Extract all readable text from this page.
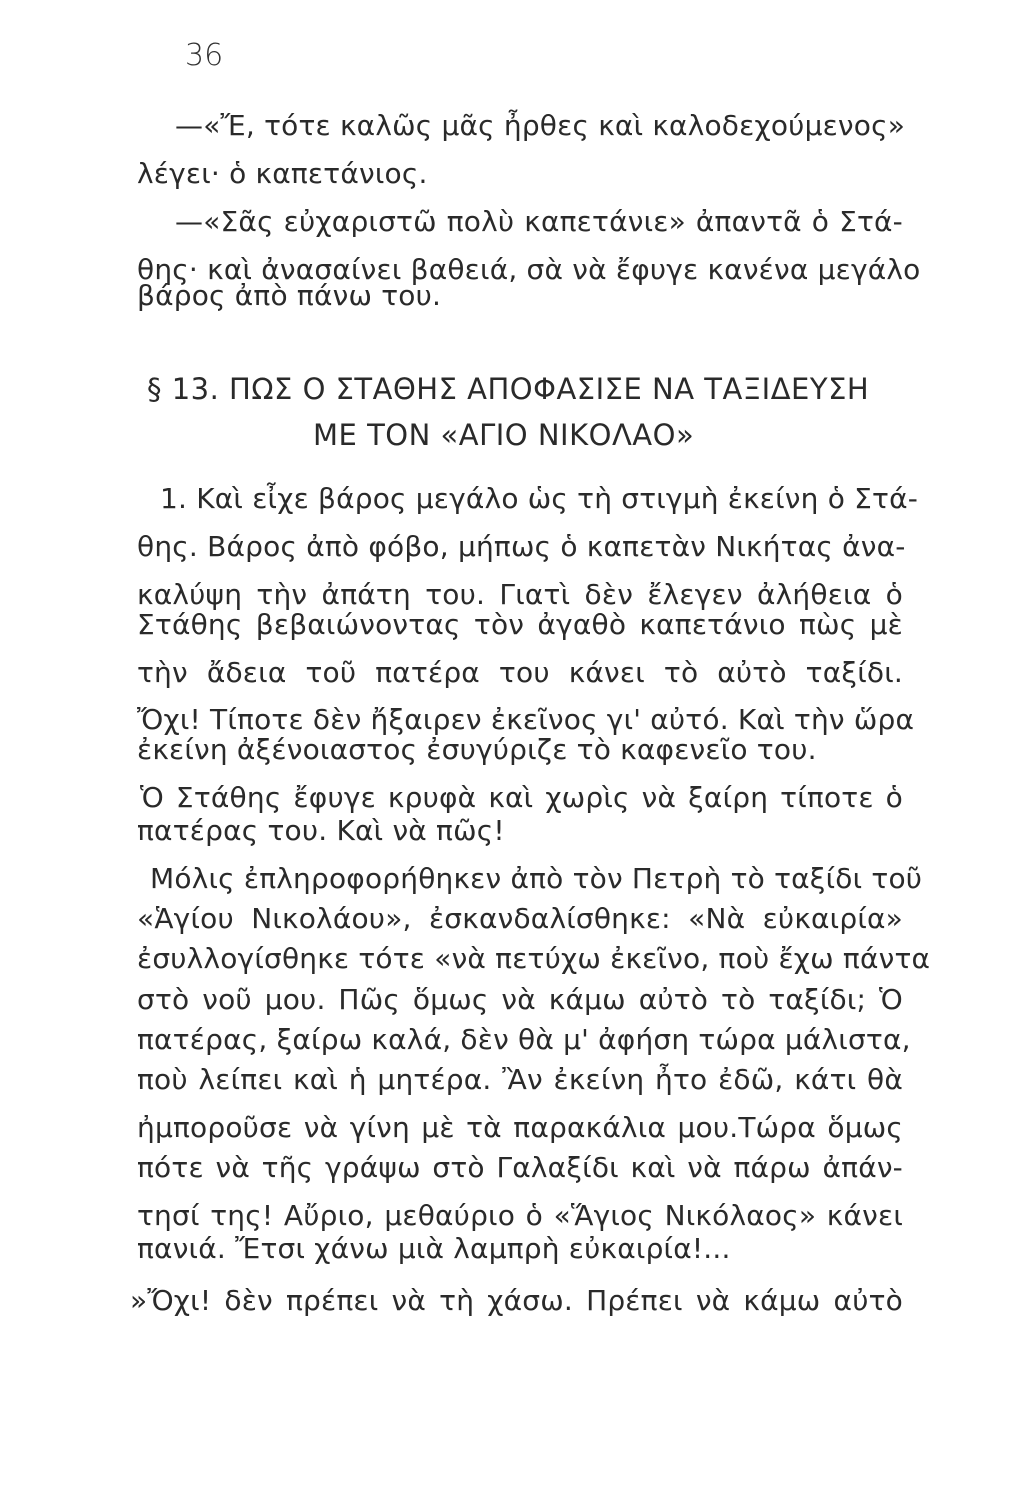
36
—«Ἔ, τότε καλῶς μᾶς ἦρθες καὶ καλοδεχούμενος»
λέγει· ὁ καπετάνιος.
—«Σᾶς εὐχαριστῶ πολὺ καπετάνιε» ἀπαντᾶ ὁ Στά-
θης· καὶ ἀνασαίνει βαθειά, σὰ νὰ ἔφυγε κανένα μεγάλο
βάρος ἀπὸ πάνω του.
§ 13. ΠΩΣ Ο ΣΤΑΘΗΣ ΑΠΟΦΑΣΙΣΕ ΝΑ ΤΑΞΙΔΕΥΣΗ
ΜΕ ΤΟΝ «ΑΓΙΟ ΝΙΚΟΛΑΟ»
1. Καὶ εἶχε βάρος μεγάλο ὡς τὴ στιγμὴ ἐκείνη ὁ Στά-
θης. Βάρος ἀπὸ φόβο, μήπως ὁ καπετὰν Νικήτας ἀνα-
καλύψη τὴν ἀπάτη του. Γιατὶ δὲν ἔλεγεν ἀλήθεια ὁ
Στάθης βεβαιώνοντας τὸν ἀγαθὸ καπετάνιο πὼς μὲ
τὴν ἄδεια τοῦ πατέρα του κάνει τὸ αὐτὸ ταξίδι.
Ὄχι! Τίποτε δὲν ἤξαιρεν ἐκεῖνος γι' αὐτό. Καὶ τὴν ὥρα
ἐκείνη ἀξένοιαστος ἐσυγύριζε τὸ καφενεῖο του.
Ὁ Στάθης ἔφυγε κρυφὰ καὶ χωρὶς νὰ ξαίρη τίποτε ὁ
πατέρας του. Καὶ νὰ πῶς!
Μόλις ἐπληροφορήθηκεν ἀπὸ τὸν Πετρὴ τὸ ταξίδι τοῦ
«Ἁγίου Νικολάου», ἐσκανδαλίσθηκε: «Νὰ εὐκαιρία»
ἐσυλλογίσθηκε τότε «νὰ πετύχω ἐκεῖνο, ποὺ ἔχω πάντα
στὸ νοῦ μου. Πῶς ὅμως νὰ κάμω αὐτὸ τὸ ταξίδι; Ὁ
πατέρας, ξαίρω καλά, δὲν θὰ μ' ἀφήση τώρα μάλιστα,
ποὺ λείπει καὶ ἡ μητέρα. Ἂν ἐκείνη ἦτο ἐδῶ, κάτι θὰ
ἠμποροῦσε νὰ γίνη μὲ τὰ παρακάλια μου.Τώρα ὅμως
πότε νὰ τῆς γράψω στὸ Γαλαξίδι καὶ νὰ πάρω ἀπάν-
τησί της! Αὔριο, μεθαύριο ὁ «Ἅγιος Νικόλαος» κάνει
πανιά. Ἔτσι χάνω μιὰ λαμπρὴ εὐκαιρία!...
»Ὄχι! δὲν πρέπει νὰ τὴ χάσω. Πρέπει νὰ κάμω αὐτὸ
